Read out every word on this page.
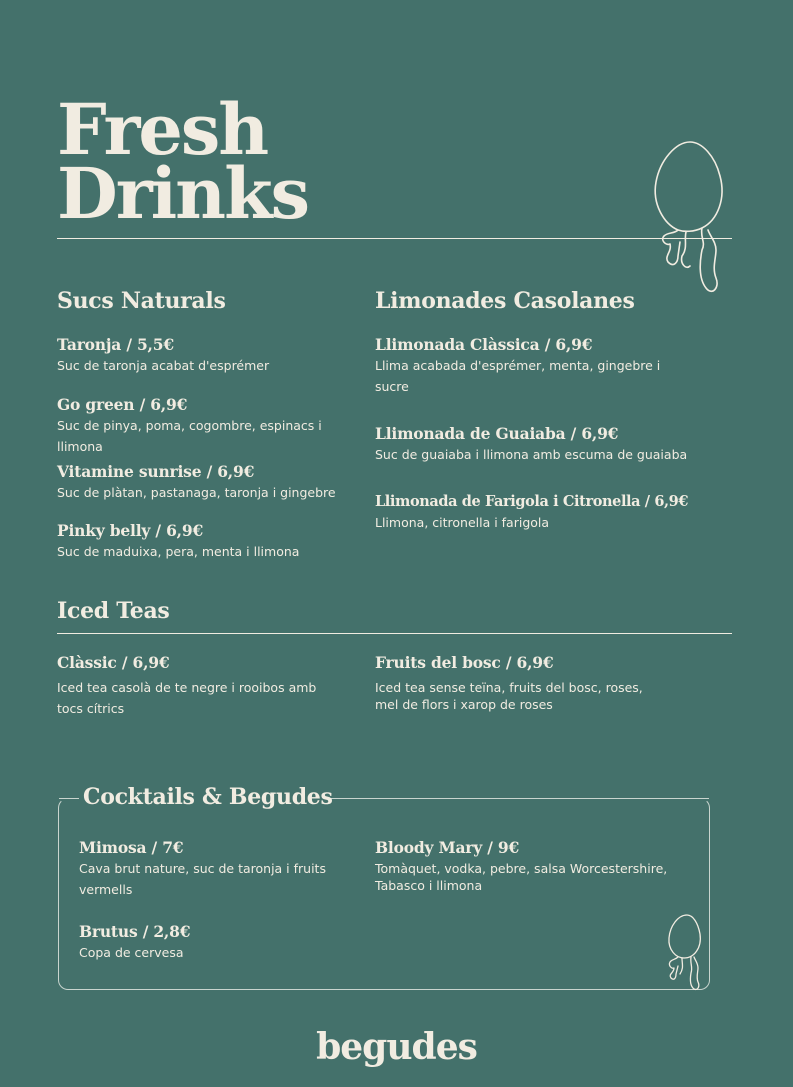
Fresh
Drinks
Sucs Naturals
Taronja / 5,5€
Suc de taronja acabat d'esprémer
Go green / 6,9€
Suc de pinya, poma, cogombre, espinacs i llimona
Vitamine sunrise / 6,9€
Suc de plàtan, pastanaga, taronja i gingebre
Pinky belly / 6,9€
Suc de maduixa, pera, menta i llimona
Limonades Casolanes
Llimonada Clàssica / 6,9€
Llima acabada d'esprémer, menta, gingebre i sucre
Llimonada de Guaiaba / 6,9€
Suc de guaiaba i llimona amb escuma de guaiaba
Llimonada de Farigola i Citronella / 6,9€
Llimona, citronella i farigola
Iced Teas
Clàssic / 6,9€
Iced tea casolà de te negre i rooibos amb tocs cítrics
Fruits del bosc / 6,9€
Iced tea sense teïna, fruits del bosc, roses, mel de flors i xarop de roses
Cocktails & Begudes
Mimosa / 7€
Cava brut nature, suc de taronja i fruits vermells
Bloody Mary / 9€
Tomàquet, vodka, pebre, salsa Worcestershire, Tabasco i llimona
Brutus / 2,8€
Copa de cervesa
begudes
